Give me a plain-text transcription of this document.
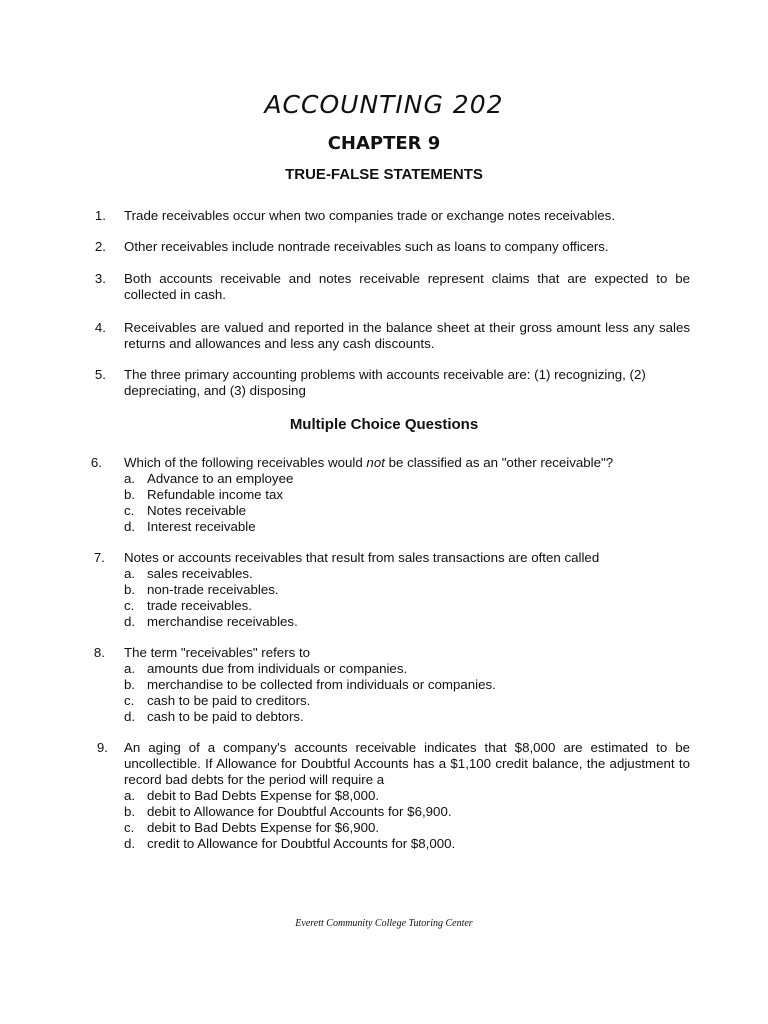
ACCOUNTING 202
CHAPTER 9
TRUE-FALSE STATEMENTS
1. Trade receivables occur when two companies trade or exchange notes receivables.
2. Other receivables include nontrade receivables such as loans to company officers.
3. Both accounts receivable and notes receivable represent claims that are expected to be collected in cash.
4. Receivables are valued and reported in the balance sheet at their gross amount less any sales returns and allowances and less any cash discounts.
5. The three primary accounting problems with accounts receivable are: (1) recognizing, (2) depreciating, and (3) disposing
Multiple Choice Questions
6. Which of the following receivables would not be classified as an "other receivable"?
a. Advance to an employee
b. Refundable income tax
c. Notes receivable
d. Interest receivable
7. Notes or accounts receivables that result from sales transactions are often called
a. sales receivables.
b. non-trade receivables.
c. trade receivables.
d. merchandise receivables.
8. The term "receivables" refers to
a. amounts due from individuals or companies.
b. merchandise to be collected from individuals or companies.
c. cash to be paid to creditors.
d. cash to be paid to debtors.
9. An aging of a company's accounts receivable indicates that $8,000 are estimated to be uncollectible. If Allowance for Doubtful Accounts has a $1,100 credit balance, the adjustment to record bad debts for the period will require a
a. debit to Bad Debts Expense for $8,000.
b. debit to Allowance for Doubtful Accounts for $6,900.
c. debit to Bad Debts Expense for $6,900.
d. credit to Allowance for Doubtful Accounts for $8,000.
Everett Community College Tutoring Center
